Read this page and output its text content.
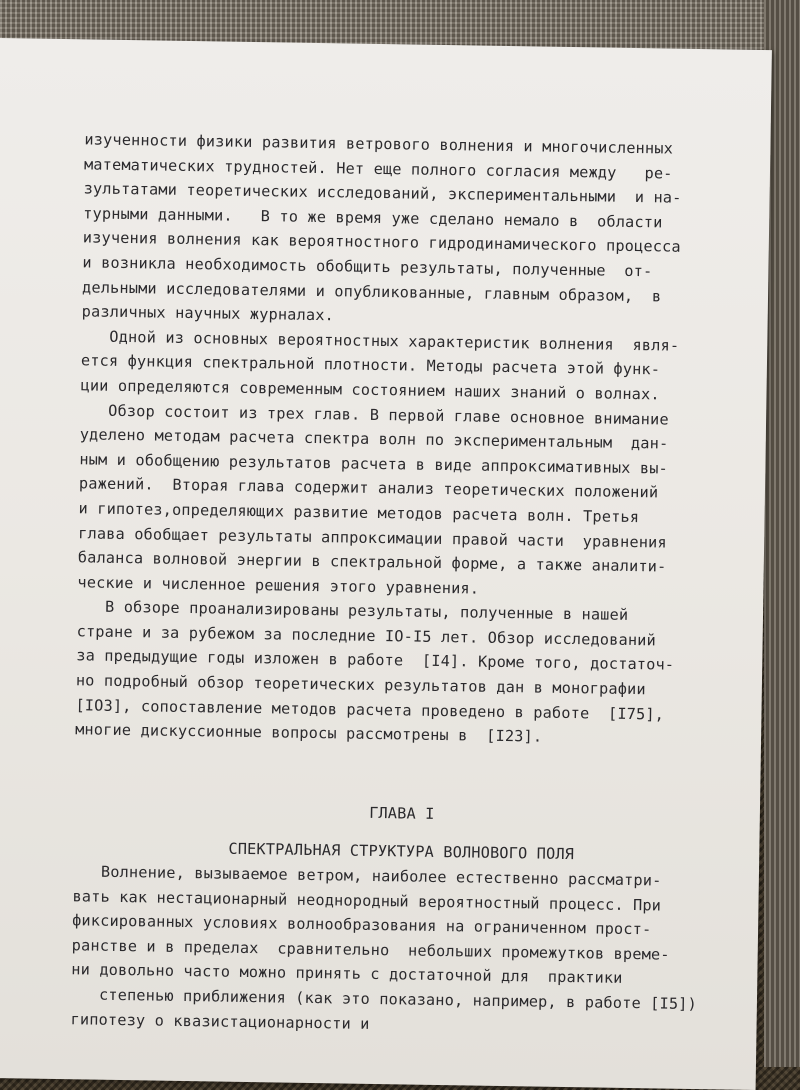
изученности физики развития ветрового волнения и многочисленных
математических трудностей. Нет еще полного согласия между   ре-
зультатами теоретических исследований, экспериментальными  и на-
турными данными.   В то же время уже сделано немало в  области
изучения волнения как вероятностного гидродинамического процесса
и возникла необходимость обобщить результаты, полученные  от-
дельными исследователями и опубликованные, главным образом,  в
различных научных журналах.
Одной из основных вероятностных характеристик волнения  явля-
ется функция спектральной плотности. Методы расчета этой функ-
ции определяются современным состоянием наших знаний о волнах.
Обзор состоит из трех глав. В первой главе основное внимание
уделено методам расчета спектра волн по экспериментальным  дан-
ным и обобщению результатов расчета в виде аппроксимативных вы-
ражений.  Вторая глава содержит анализ теоретических положений
и гипотез,определяющих развитие методов расчета волн. Третья
глава обобщает результаты аппроксимации правой части  уравнения
баланса волновой энергии в спектральной форме, а также аналити-
ческие и численное решения этого уравнения.
В обзоре проанализированы результаты, полученные в нашей
стране и за рубежом за последние IO-I5 лет. Обзор исследований
за предыдущие годы изложен в работе  [I4]. Кроме того, достаточ-
но подробный обзор теоретических результатов дан в монографии
[IO3], сопоставление методов расчета проведено в работе  [I75],
многие дискуссионные вопросы рассмотрены в  [I23].
ГЛАВА I
СПЕКТРАЛЬНАЯ СТРУКТУРА ВОЛНОВОГО ПОЛЯ
Волнение, вызываемое ветром, наиболее естественно рассматри-
вать как нестационарный неоднородный вероятностный процесс. При
фиксированных условиях волнообразования на ограниченном прост-
ранстве и в пределах  сравнительно  небольших промежутков време-
ни довольно часто можно принять с достаточной для  практики
степенью приближения (как это показано, например, в работе [I5])
гипотезу о квазистационарности и
